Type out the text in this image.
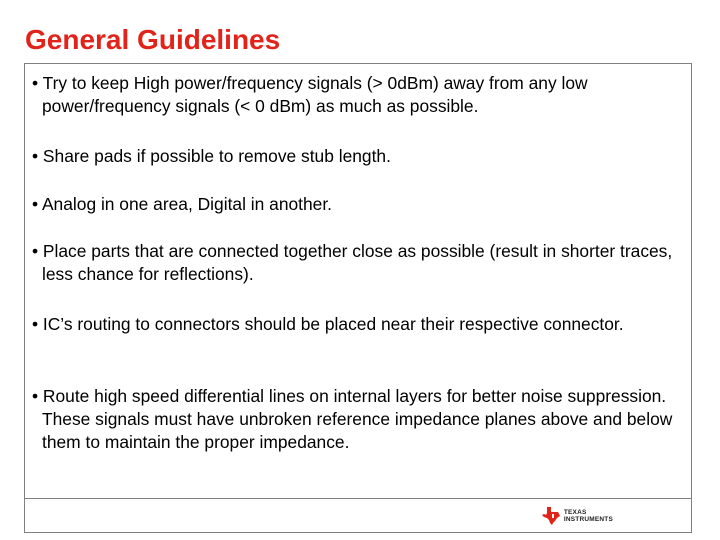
General Guidelines
• Try to keep High power/frequency signals (> 0dBm) away from any low power/frequency signals (< 0 dBm) as much as possible.
• Share pads if possible to remove stub length.
• Analog in one area, Digital in another.
• Place parts that are connected together close as possible (result in shorter traces, less chance for reflections).
• IC’s routing to connectors should be placed near their respective connector.
• Route high speed differential lines on internal layers for better noise suppression. These signals must have unbroken reference impedance planes above and below them to maintain the proper impedance.
TEXAS
INSTRUMENTS
